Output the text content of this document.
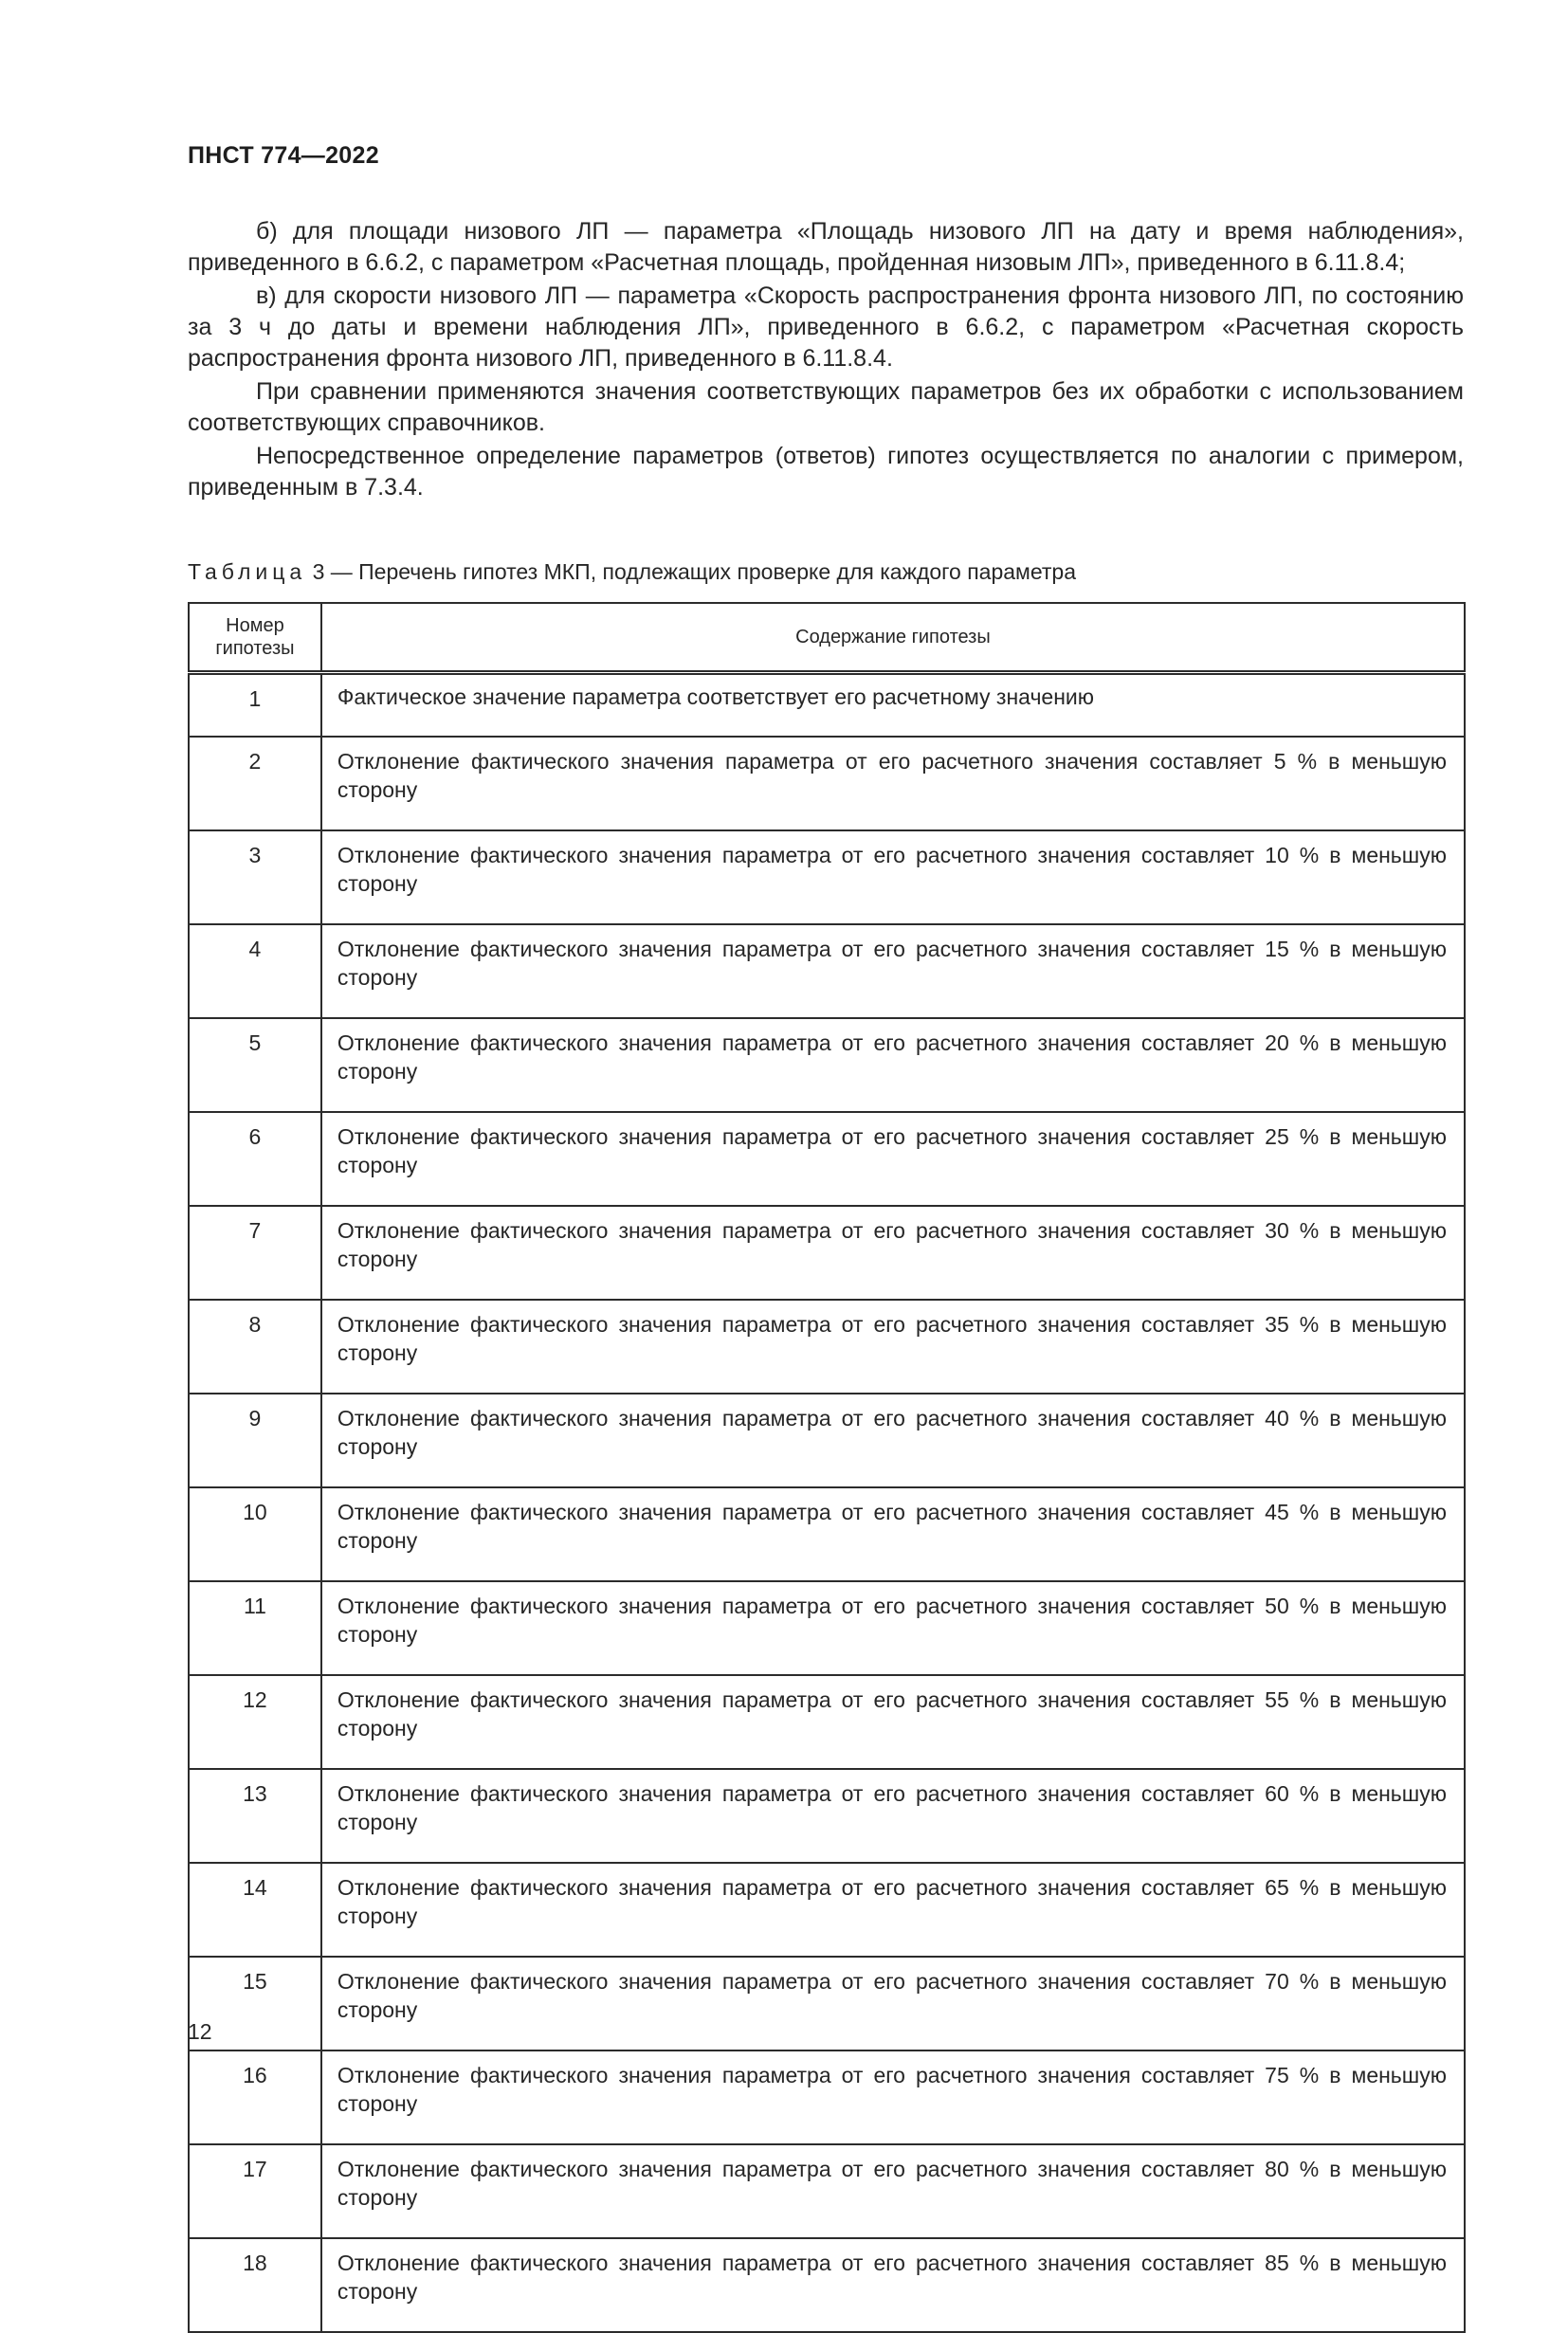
ПНСТ 774—2022

б) для площади низового ЛП — параметра «Площадь низового ЛП на дату и время наблюдения», приведенного в 6.6.2, с параметром «Расчетная площадь, пройденная низовым ЛП», приведенного в 6.11.8.4;

в) для скорости низового ЛП — параметра «Скорость распространения фронта низового ЛП, по состоянию за 3 ч до даты и времени наблюдения ЛП», приведенного в 6.6.2, с параметром «Расчетная скорость распространения фронта низового ЛП, приведенного в 6.11.8.4.

При сравнении применяются значения соответствующих параметров без их обработки с использованием соответствующих справочников.

Непосредственное определение параметров (ответов) гипотез осуществляется по аналогии с примером, приведенным в 7.3.4.

Таблица 3 — Перечень гипотез МКП, подлежащих проверке для каждого параметра
Номер гипотезы	Содержание гипотезы
1	Фактическое значение параметра соответствует его расчетному значению
2	Отклонение фактического значения параметра от его расчетного значения составляет 5 % в меньшую сторону
3	Отклонение фактического значения параметра от его расчетного значения составляет 10 % в меньшую сторону
4	Отклонение фактического значения параметра от его расчетного значения составляет 15 % в меньшую сторону
5	Отклонение фактического значения параметра от его расчетного значения составляет 20 % в меньшую сторону
6	Отклонение фактического значения параметра от его расчетного значения составляет 25 % в меньшую сторону
7	Отклонение фактического значения параметра от его расчетного значения составляет 30 % в меньшую сторону
8	Отклонение фактического значения параметра от его расчетного значения составляет 35 % в меньшую сторону
9	Отклонение фактического значения параметра от его расчетного значения составляет 40 % в меньшую сторону
10	Отклонение фактического значения параметра от его расчетного значения составляет 45 % в меньшую сторону
11	Отклонение фактического значения параметра от его расчетного значения составляет 50 % в меньшую сторону
12	Отклонение фактического значения параметра от его расчетного значения составляет 55 % в меньшую сторону
13	Отклонение фактического значения параметра от его расчетного значения составляет 60 % в меньшую сторону
14	Отклонение фактического значения параметра от его расчетного значения составляет 65 % в меньшую сторону
15	Отклонение фактического значения параметра от его расчетного значения составляет 70 % в меньшую сторону
16	Отклонение фактического значения параметра от его расчетного значения составляет 75 % в меньшую сторону
17	Отклонение фактического значения параметра от его расчетного значения составляет 80 % в меньшую сторону
18	Отклонение фактического значения параметра от его расчетного значения составляет 85 % в меньшую сторону
12
